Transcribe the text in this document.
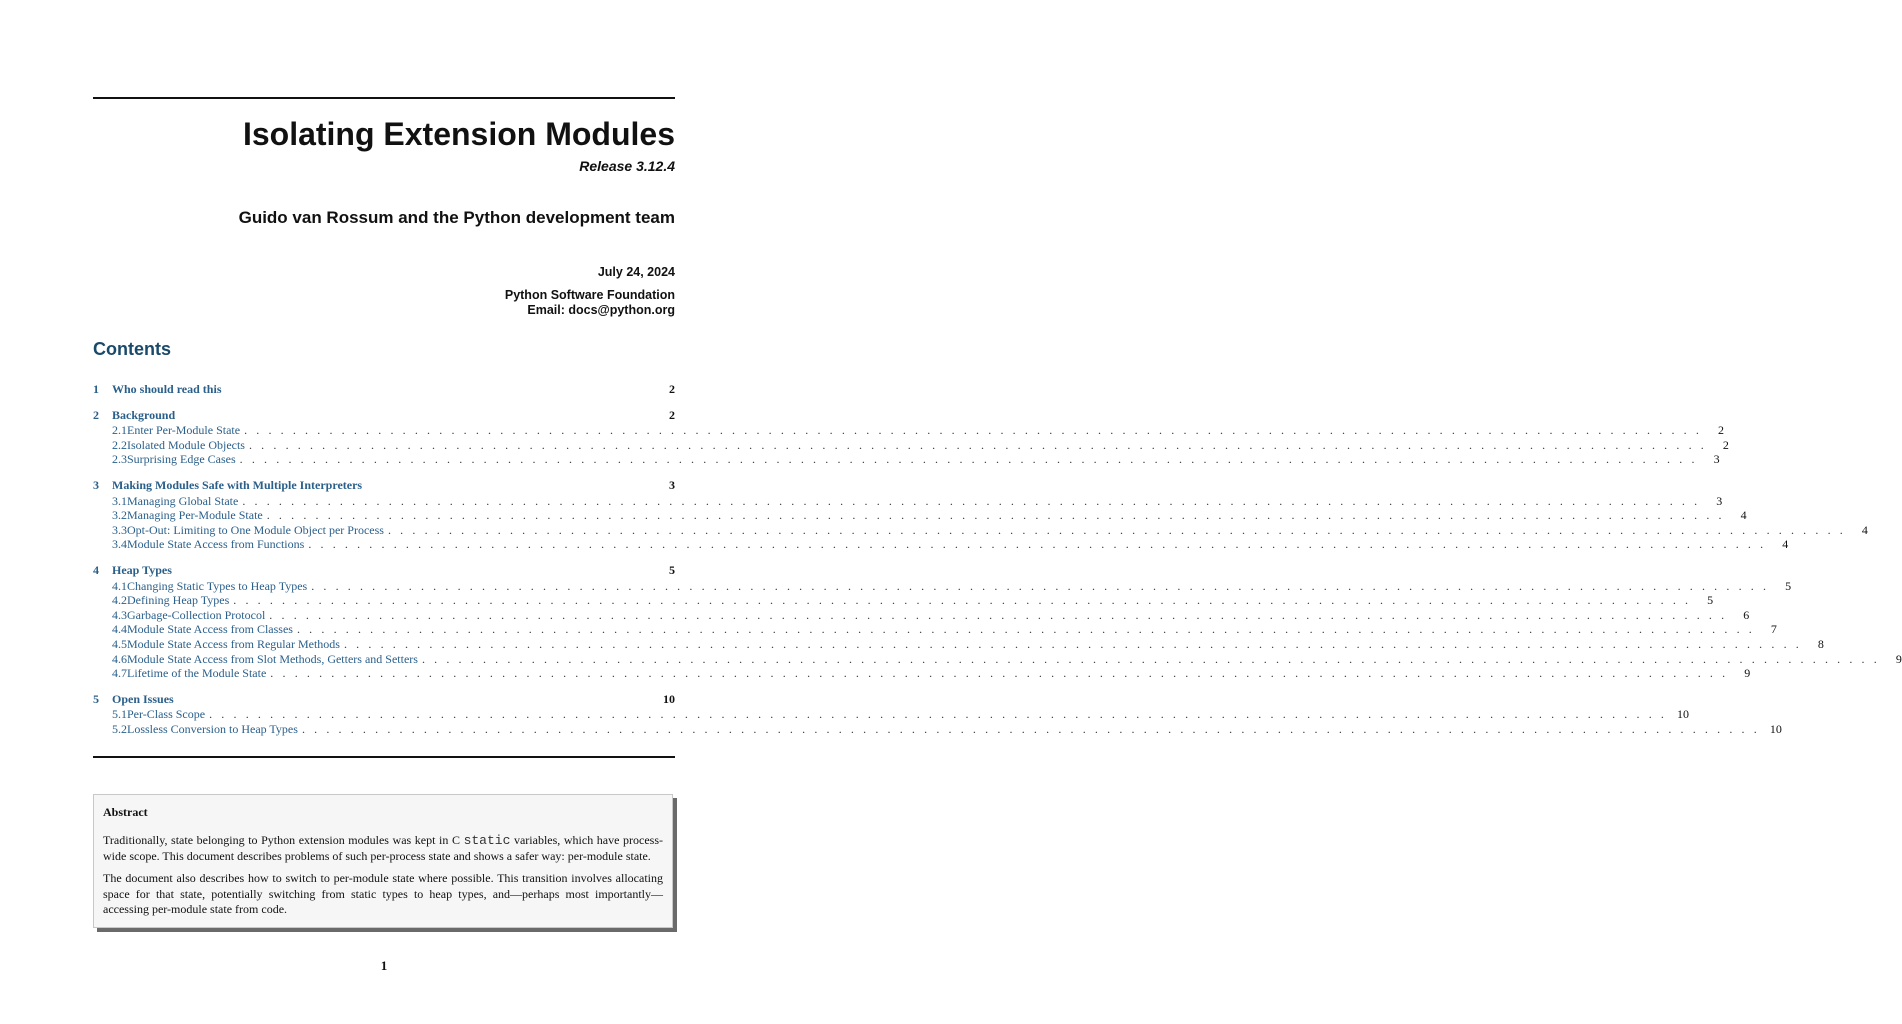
Isolating Extension Modules
Release 3.12.4
Guido van Rossum and the Python development team
July 24, 2024
Python Software Foundation
Email: docs@python.org
Contents
1	Who should read this	2
2	Background	2
2.1 Enter Per-Module State . . . . . . . . . . . . . . . . . . . . . . . . . . . . . . . . . . . . . . . . . . . . . . . . . . . . . . . . . . . . . . . . . . . . . . . . . . . . . . . . . . . . . . . . . . . . . . . . . . . . . . . . . . . . . . . . . . . . . . . .	2
2.2 Isolated Module Objects . . . . . . . . . . . . . . . . . . . . . . . . . . . . . . . . . . . . . . . . . . . . . . . . . . . . . . . . . . . . . . . . . . . . . . . . . . . . . . . . . . . . . . . . . . . . . . . . . . . . . . . . . . . . . . . . . . . . . . . .	2
2.3 Surprising Edge Cases . . . . . . . . . . . . . . . . . . . . . . . . . . . . . . . . . . . . . . . . . . . . . . . . . . . . . . . . . . . . . . . . . . . . . . . . . . . . . . . . . . . . . . . . . . . . . . . . . . . . . . . . . . . . . . . . . . . . . . . .	3
3	Making Modules Safe with Multiple Interpreters	3
3.1 Managing Global State . . . . . . . . . . . . . . . . . . . . . . . . . . . . . . . . . . . . . . . . . . . . . . . . . . . . . . . . . . . . . . . . . . . . . . . . . . . . . . . . . . . . . . . . . . . . . . . . . . . . . . . . . . . . . . . . . . . . . . . .	3
3.2 Managing Per-Module State . . . . . . . . . . . . . . . . . . . . . . . . . . . . . . . . . . . . . . . . . . . . . . . . . . . . . . . . . . . . . . . . . . . . . . . . . . . . . . . . . . . . . . . . . . . . . . . . . . . . . . . . . . . . . . . . . . . . . . . .	4
3.3 Opt-Out: Limiting to One Module Object per Process . . . . . . . . . . . . . . . . . . . . . . . . . . . . . . . . . . . . . . . . . . . . . . . . . . . . . . . . . . . . . . . . . . . . . . . . . . . . . . . . . . . . . . . . . . . . . . . . . . . . . . . . . . . . . . . . . . . . . . . .	4
3.4 Module State Access from Functions . . . . . . . . . . . . . . . . . . . . . . . . . . . . . . . . . . . . . . . . . . . . . . . . . . . . . . . . . . . . . . . . . . . . . . . . . . . . . . . . . . . . . . . . . . . . . . . . . . . . . . . . . . . . . . . . . . . . . . . .	4
4	Heap Types	5
4.1 Changing Static Types to Heap Types . . . . . . . . . . . . . . . . . . . . . . . . . . . . . . . . . . . . . . . . . . . . . . . . . . . . . . . . . . . . . . . . . . . . . . . . . . . . . . . . . . . . . . . . . . . . . . . . . . . . . . . . . . . . . . . . . . . . . . . .	5
4.2 Defining Heap Types . . . . . . . . . . . . . . . . . . . . . . . . . . . . . . . . . . . . . . . . . . . . . . . . . . . . . . . . . . . . . . . . . . . . . . . . . . . . . . . . . . . . . . . . . . . . . . . . . . . . . . . . . . . . . . . . . . . . . . . .	5
4.3 Garbage-Collection Protocol . . . . . . . . . . . . . . . . . . . . . . . . . . . . . . . . . . . . . . . . . . . . . . . . . . . . . . . . . . . . . . . . . . . . . . . . . . . . . . . . . . . . . . . . . . . . . . . . . . . . . . . . . . . . . . . . . . . . . . . .	6
4.4 Module State Access from Classes . . . . . . . . . . . . . . . . . . . . . . . . . . . . . . . . . . . . . . . . . . . . . . . . . . . . . . . . . . . . . . . . . . . . . . . . . . . . . . . . . . . . . . . . . . . . . . . . . . . . . . . . . . . . . . . . . . . . . . . .	7
4.5 Module State Access from Regular Methods . . . . . . . . . . . . . . . . . . . . . . . . . . . . . . . . . . . . . . . . . . . . . . . . . . . . . . . . . . . . . . . . . . . . . . . . . . . . . . . . . . . . . . . . . . . . . . . . . . . . . . . . . . . . . . . . . . . . . . . .	8
4.6 Module State Access from Slot Methods, Getters and Setters . . . . . . . . . . . . . . . . . . . . . . . . . . . . . . . . . . . . . . . . . . . . . . . . . . . . . . . . . . . . . . . . . . . . . . . . . . . . . . . . . . . . . . . . . . . . . . . . . . . . . . . . . . . . . . . . . . . . . . . .	9
4.7 Lifetime of the Module State . . . . . . . . . . . . . . . . . . . . . . . . . . . . . . . . . . . . . . . . . . . . . . . . . . . . . . . . . . . . . . . . . . . . . . . . . . . . . . . . . . . . . . . . . . . . . . . . . . . . . . . . . . . . . . . . . . . . . . . .	9
5	Open Issues	10
5.1 Per-Class Scope . . . . . . . . . . . . . . . . . . . . . . . . . . . . . . . . . . . . . . . . . . . . . . . . . . . . . . . . . . . . . . . . . . . . . . . . . . . . . . . . . . . . . . . . . . . . . . . . . . . . . . . . . . . . . . . . . . . . . . . . 10
5.2 Lossless Conversion to Heap Types . . . . . . . . . . . . . . . . . . . . . . . . . . . . . . . . . . . . . . . . . . . . . . . . . . . . . . . . . . . . . . . . . . . . . . . . . . . . . . . . . . . . . . . . . . . . . . . . . . . . . . . . . . . . . . . . . . . . . . . . 10
Abstract
Traditionally, state belonging to Python extension modules was kept in C static variables, which have process-wide scope. This document describes problems of such per-process state and shows a safer way: per-module state.
The document also describes how to switch to per-module state where possible. This transition involves allocating space for that state, potentially switching from static types to heap types, and—perhaps most importantly—accessing per-module state from code.
1
